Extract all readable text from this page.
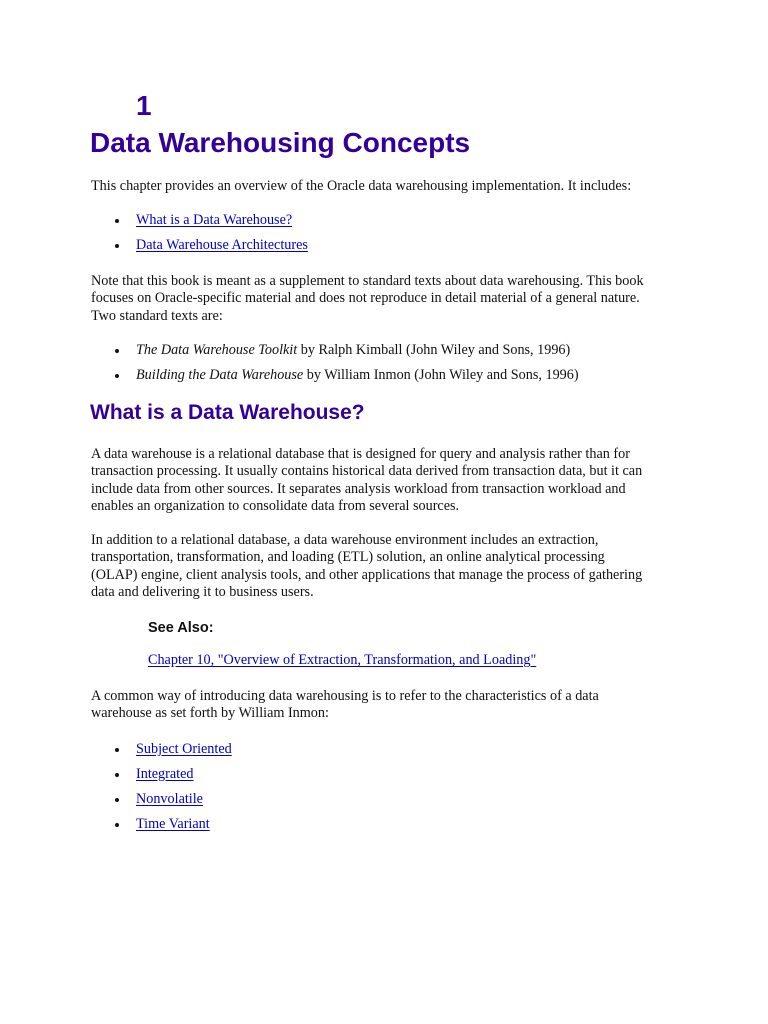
1
Data Warehousing Concepts

This chapter provides an overview of the Oracle data warehousing implementation. It includes:

What is a Data Warehouse?
Data Warehouse Architectures

Note that this book is meant as a supplement to standard texts about data warehousing. This book
focuses on Oracle-specific material and does not reproduce in detail material of a general nature.
Two standard texts are:

The Data Warehouse Toolkit by Ralph Kimball (John Wiley and Sons, 1996)
Building the Data Warehouse by William Inmon (John Wiley and Sons, 1996)
What is a Data Warehouse?

A data warehouse is a relational database that is designed for query and analysis rather than for
transaction processing. It usually contains historical data derived from transaction data, but it can
include data from other sources. It separates analysis workload from transaction workload and
enables an organization to consolidate data from several sources.

In addition to a relational database, a data warehouse environment includes an extraction,
transportation, transformation, and loading (ETL) solution, an online analytical processing
(OLAP) engine, client analysis tools, and other applications that manage the process of gathering
data and delivering it to business users.

See Also:
Chapter 10, "Overview of Extraction, Transformation, and Loading"

A common way of introducing data warehousing is to refer to the characteristics of a data
warehouse as set forth by William Inmon:

Subject Oriented
Integrated
Nonvolatile
Time Variant
